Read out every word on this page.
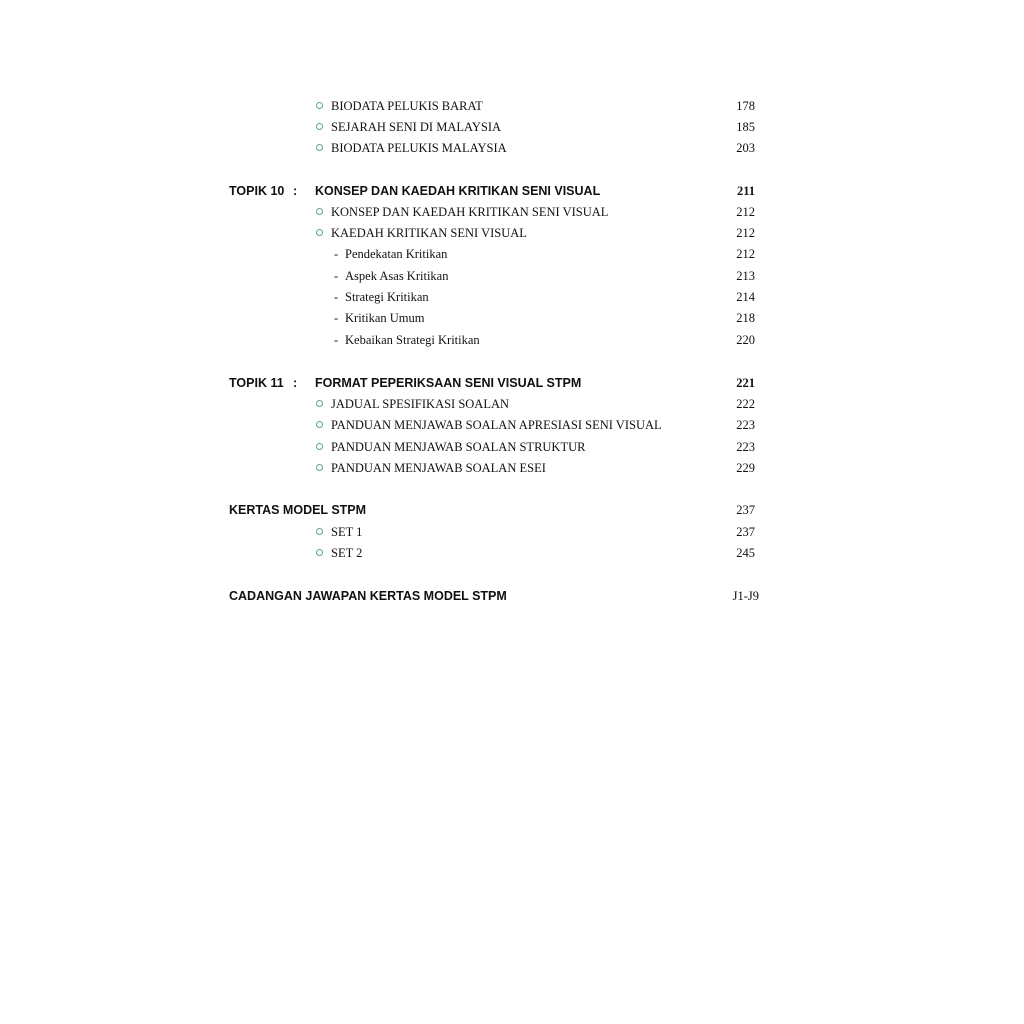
BIODATA PELUKIS BARAT	178
SEJARAH SENI DI MALAYSIA	185
BIODATA PELUKIS MALAYSIA	203
TOPIK 10 : KONSEP DAN KAEDAH KRITIKAN SENI VISUAL	211
KONSEP DAN KAEDAH KRITIKAN SENI VISUAL	212
KAEDAH KRITIKAN SENI VISUAL	212
- Pendekatan Kritikan	212
- Aspek Asas Kritikan	213
- Strategi Kritikan	214
- Kritikan Umum	218
- Kebaikan Strategi Kritikan	220
TOPIK 11 : FORMAT PEPERIKSAAN SENI VISUAL STPM	221
JADUAL SPESIFIKASI SOALAN	222
PANDUAN MENJAWAB SOALAN APRESIASI SENI VISUAL	223
PANDUAN MENJAWAB SOALAN STRUKTUR	223
PANDUAN MENJAWAB SOALAN ESEI	229
KERTAS MODEL STPM	237
SET 1	237
SET 2	245
CADANGAN JAWAPAN KERTAS MODEL STPM	J1-J9
